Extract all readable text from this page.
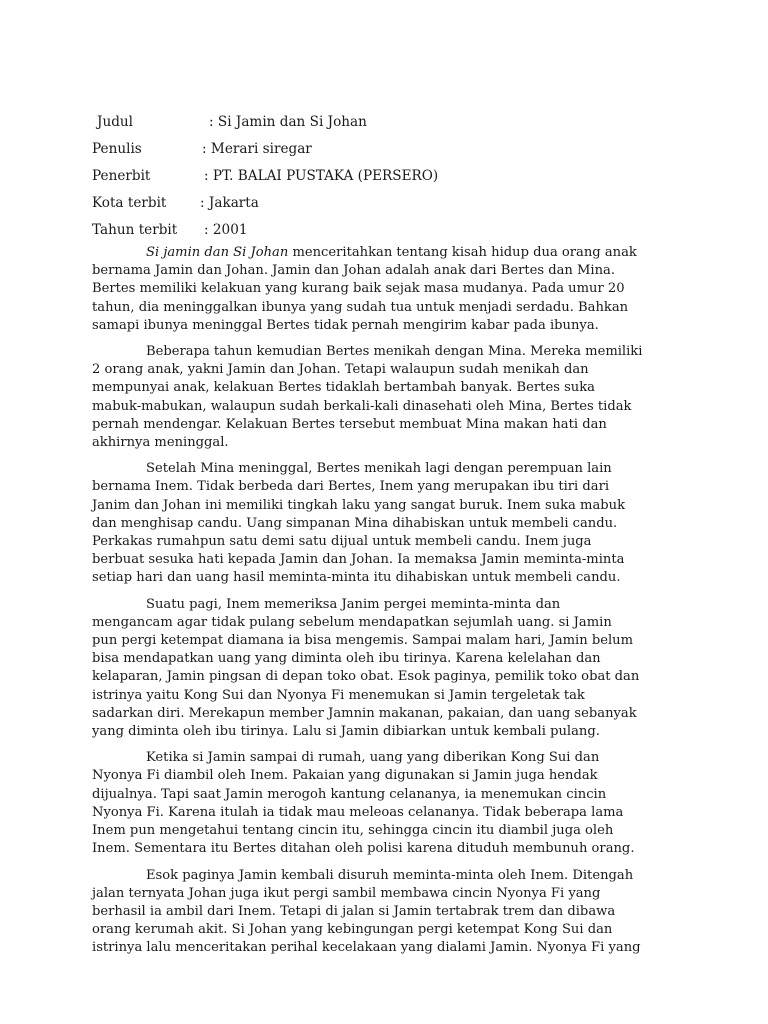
Judul	: Si Jamin dan Si Johan
Penulis	: Merari siregar
Penerbit	: PT. BALAI PUSTAKA (PERSERO)
Kota terbit : Jakarta
Tahun terbit : 2001

Si jamin dan Si Johan menceritahkan tentang kisah hidup dua orang anak
bernama Jamin dan Johan. Jamin dan Johan adalah anak dari Bertes dan Mina.
Bertes memiliki kelakuan yang kurang baik sejak masa mudanya. Pada umur 20
tahun, dia meninggalkan ibunya yang sudah tua untuk menjadi serdadu. Bahkan
samapi ibunya meninggal Bertes tidak pernah mengirim kabar pada ibunya.

Beberapa tahun kemudian Bertes menikah dengan Mina. Mereka memiliki
2 orang anak, yakni Jamin dan Johan. Tetapi walaupun sudah menikah dan
mempunyai anak, kelakuan Bertes tidaklah bertambah banyak. Bertes suka
mabuk-mabukan, walaupun sudah berkali-kali dinasehati oleh Mina, Bertes tidak
pernah mendengar. Kelakuan Bertes tersebut membuat Mina makan hati dan
akhirnya meninggal.

Setelah Mina meninggal, Bertes menikah lagi dengan perempuan lain
bernama Inem. Tidak berbeda dari Bertes, Inem yang merupakan ibu tiri dari
Janim dan Johan ini memiliki tingkah laku yang sangat buruk. Inem suka mabuk
dan menghisap candu. Uang simpanan Mina dihabiskan untuk membeli candu.
Perkakas rumahpun satu demi satu dijual untuk membeli candu. Inem juga
berbuat sesuka hati kepada Jamin dan Johan. Ia memaksa Jamin meminta-minta
setiap hari dan uang hasil meminta-minta itu dihabiskan untuk membeli candu.

Suatu pagi, Inem memeriksa Janim pergei meminta-minta dan
mengancam agar tidak pulang sebelum mendapatkan sejumlah uang. si Jamin
pun pergi ketempat diamana ia bisa mengemis. Sampai malam hari, Jamin belum
bisa mendapatkan uang yang diminta oleh ibu tirinya. Karena kelelahan dan
kelaparan, Jamin pingsan di depan toko obat. Esok paginya, pemilik toko obat dan
istrinya yaitu Kong Sui dan Nyonya Fi menemukan si Jamin tergeletak tak
sadarkan diri. Merekapun member Jamnin makanan, pakaian, dan uang sebanyak
yang diminta oleh ibu tirinya. Lalu si Jamin dibiarkan untuk kembali pulang.

Ketika si Jamin sampai di rumah, uang yang diberikan Kong Sui dan
Nyonya Fi diambil oleh Inem. Pakaian yang digunakan si Jamin juga hendak
dijualnya. Tapi saat Jamin merogoh kantung celananya, ia menemukan cincin
Nyonya Fi. Karena itulah ia tidak mau meleoas celananya. Tidak beberapa lama
Inem pun mengetahui tentang cincin itu, sehingga cincin itu diambil juga oleh
Inem. Sementara itu Bertes ditahan oleh polisi karena dituduh membunuh orang.

Esok paginya Jamin kembali disuruh meminta-minta oleh Inem. Ditengah
jalan ternyata Johan juga ikut pergi sambil membawa cincin Nyonya Fi yang
berhasil ia ambil dari Inem. Tetapi di jalan si Jamin tertabrak trem dan dibawa
orang kerumah akit. Si Johan yang kebingungan pergi ketempat Kong Sui dan
istrinya lalu menceritakan perihal kecelakaan yang dialami Jamin. Nyonya Fi yang
